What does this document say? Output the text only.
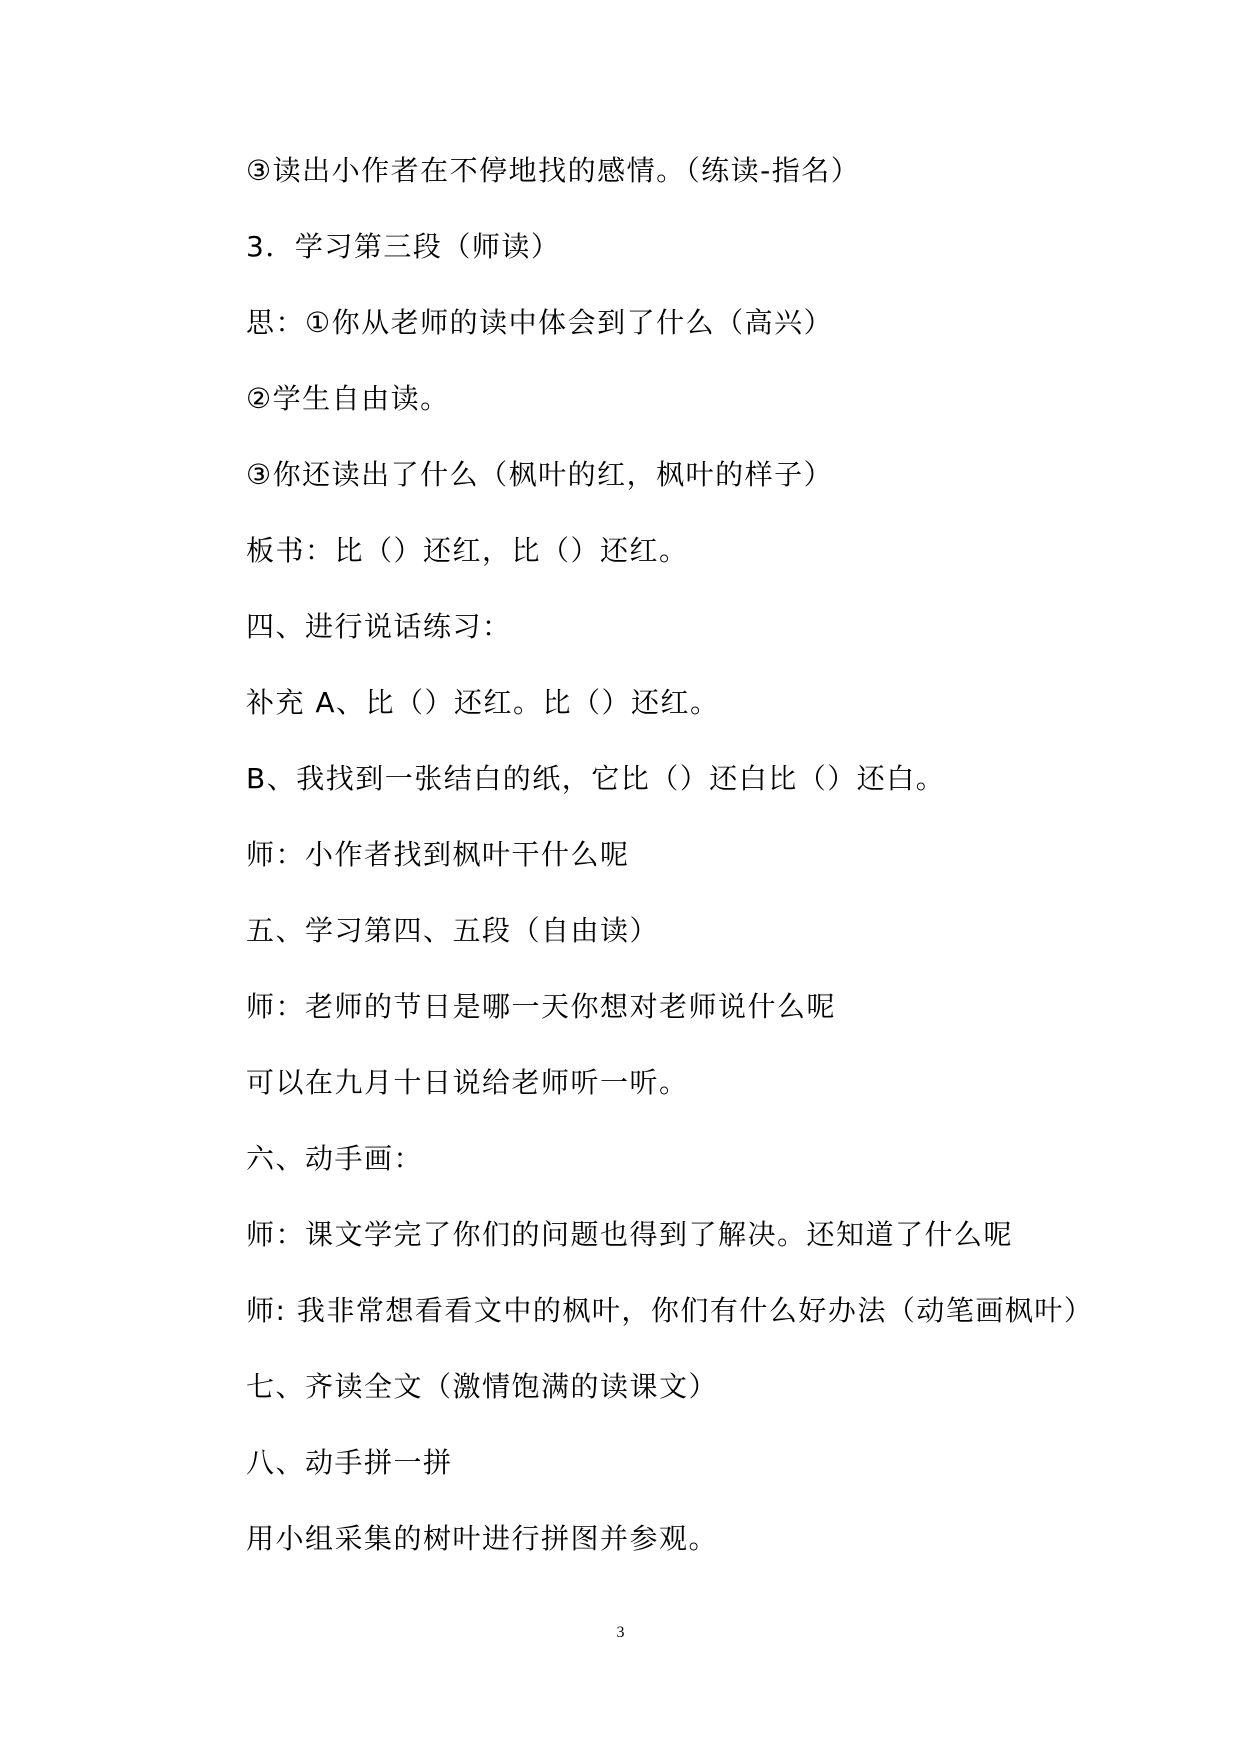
③读出小作者在不停地找的感情。（练读-指名）
3．学习第三段（师读）
思：①你从老师的读中体会到了什么（高兴）
②学生自由读。
③你还读出了什么（枫叶的红，枫叶的样子）
板书：比（）还红，比（）还红。
四、进行说话练习：
补充 A、比（）还红。比（）还红。
B、我找到一张结白的纸，它比（）还白比（）还白。
师：小作者找到枫叶干什么呢
五、学习第四、五段（自由读）
师：老师的节日是哪一天你想对老师说什么呢
可以在九月十日说给老师听一听。
六、动手画：
师：课文学完了你们的问题也得到了解决。还知道了什么呢
师: 我非常想看看文中的枫叶，你们有什么好办法（动笔画枫叶）
七、齐读全文（激情饱满的读课文）
八、动手拼一拼
用小组采集的树叶进行拼图并参观。
3
